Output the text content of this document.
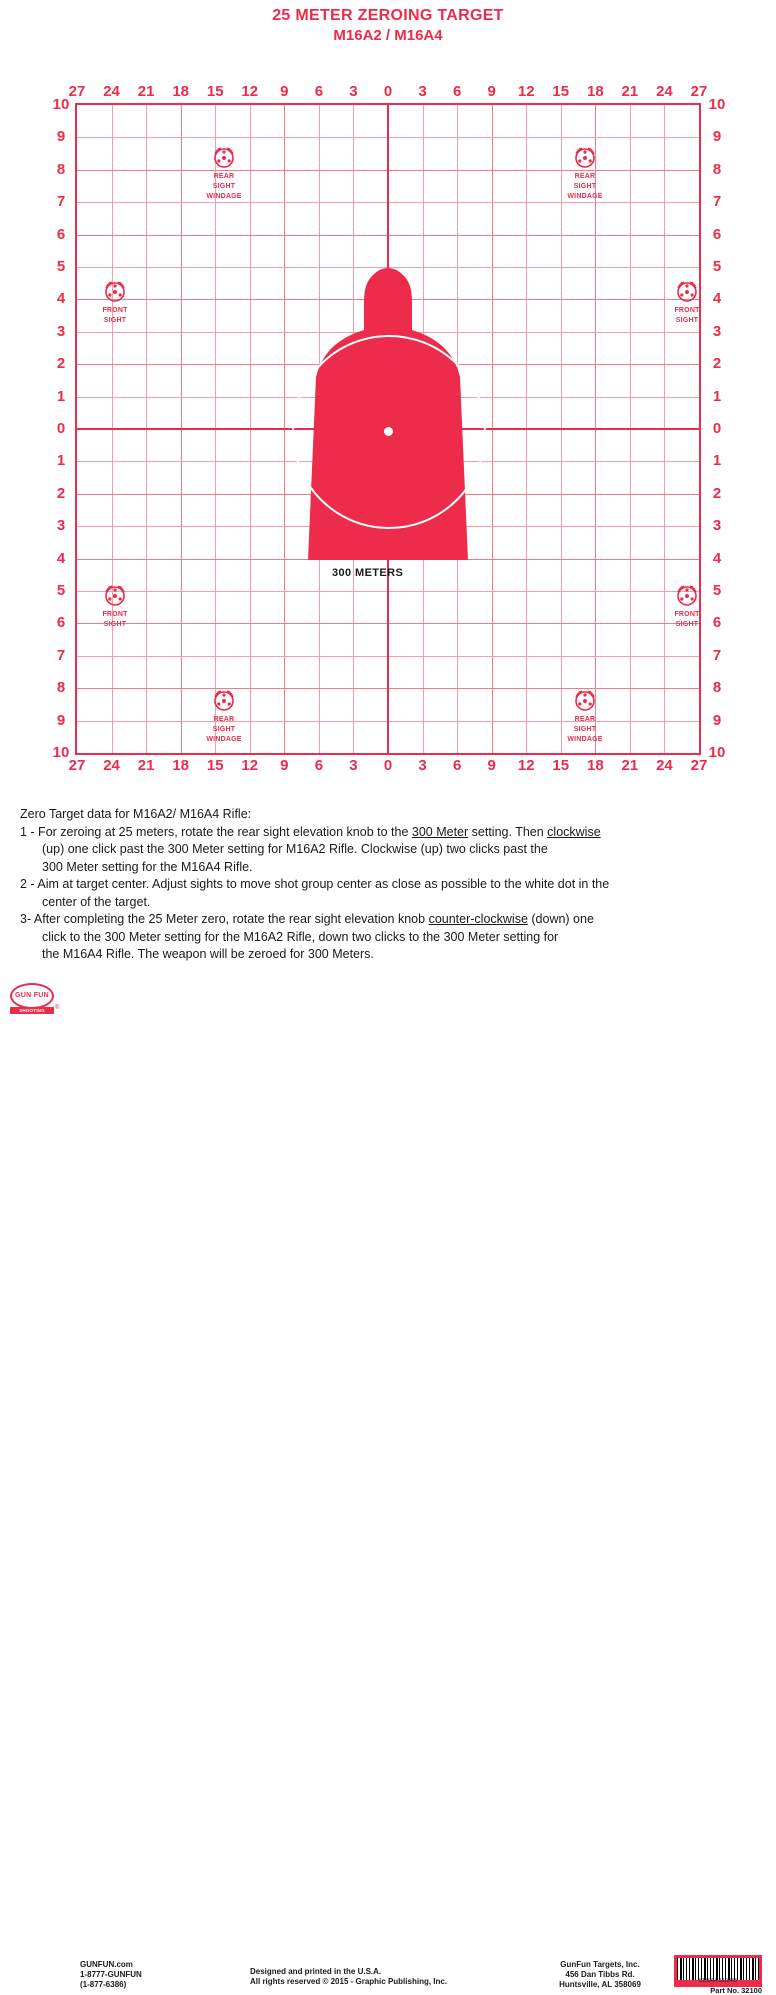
25 METER ZEROING TARGET
M16A2 / M16A4
27 24 21 18 15 12	9	6	3	0	3	6	9	12 15 18 21 24 27
27 24 21 18 15 12	9	6	3	0	3	6	9	12 15 18 21 24 27
10
9
8
7
6
5
4
3
2
1
0
1
2
3
4
5
6
7
8
9
10
10
9
8
7
6
5
4
3
2
1
0
1
2
3
4
5
6
7
8
9
10
300 METERS
REAR
SIGHT
WINDAGE
REAR
SIGHT
WINDAGE
FRONT
SIGHT
FRONT
SIGHT
FRONT
SIGHT
FRONT
SIGHT
REAR
SIGHT
WINDAGE
REAR
SIGHT
WINDAGE
Zero Target data for M16A2/ M16A4 Rifle:
1 - For zeroing at 25 meters, rotate the rear sight elevation knob to the 300 Meter setting. Then clockwise
(up) one click past the 300 Meter setting for M16A2 Rifle. Clockwise (up) two clicks past the
300 Meter setting for the M16A4 Rifle.
2 - Aim at target center. Adjust sights to move shot group center as close as possible to the white dot in the
center of the target.
3- After completing the 25 Meter zero, rotate the rear sight elevation knob counter-clockwise (down) one
click to the 300 Meter setting for the M16A2 Rifle, down two clicks to the 300 Meter setting for
the M16A4 Rifle. The weapon will be zeroed for 300 Meters.
GUN FUN
SHOOTING TARGETS
®
GUNFUN.com
1-8777-GUNFUN
(1-877-6386)
Designed and printed in the U.S.A.
All rights reserved © 2015 - Graphic Publishing, Inc.
GunFun Targets, Inc.
456 Dan Tibbs Rd.
Huntsville, AL 358069	815964 510043
Part No. 32100
